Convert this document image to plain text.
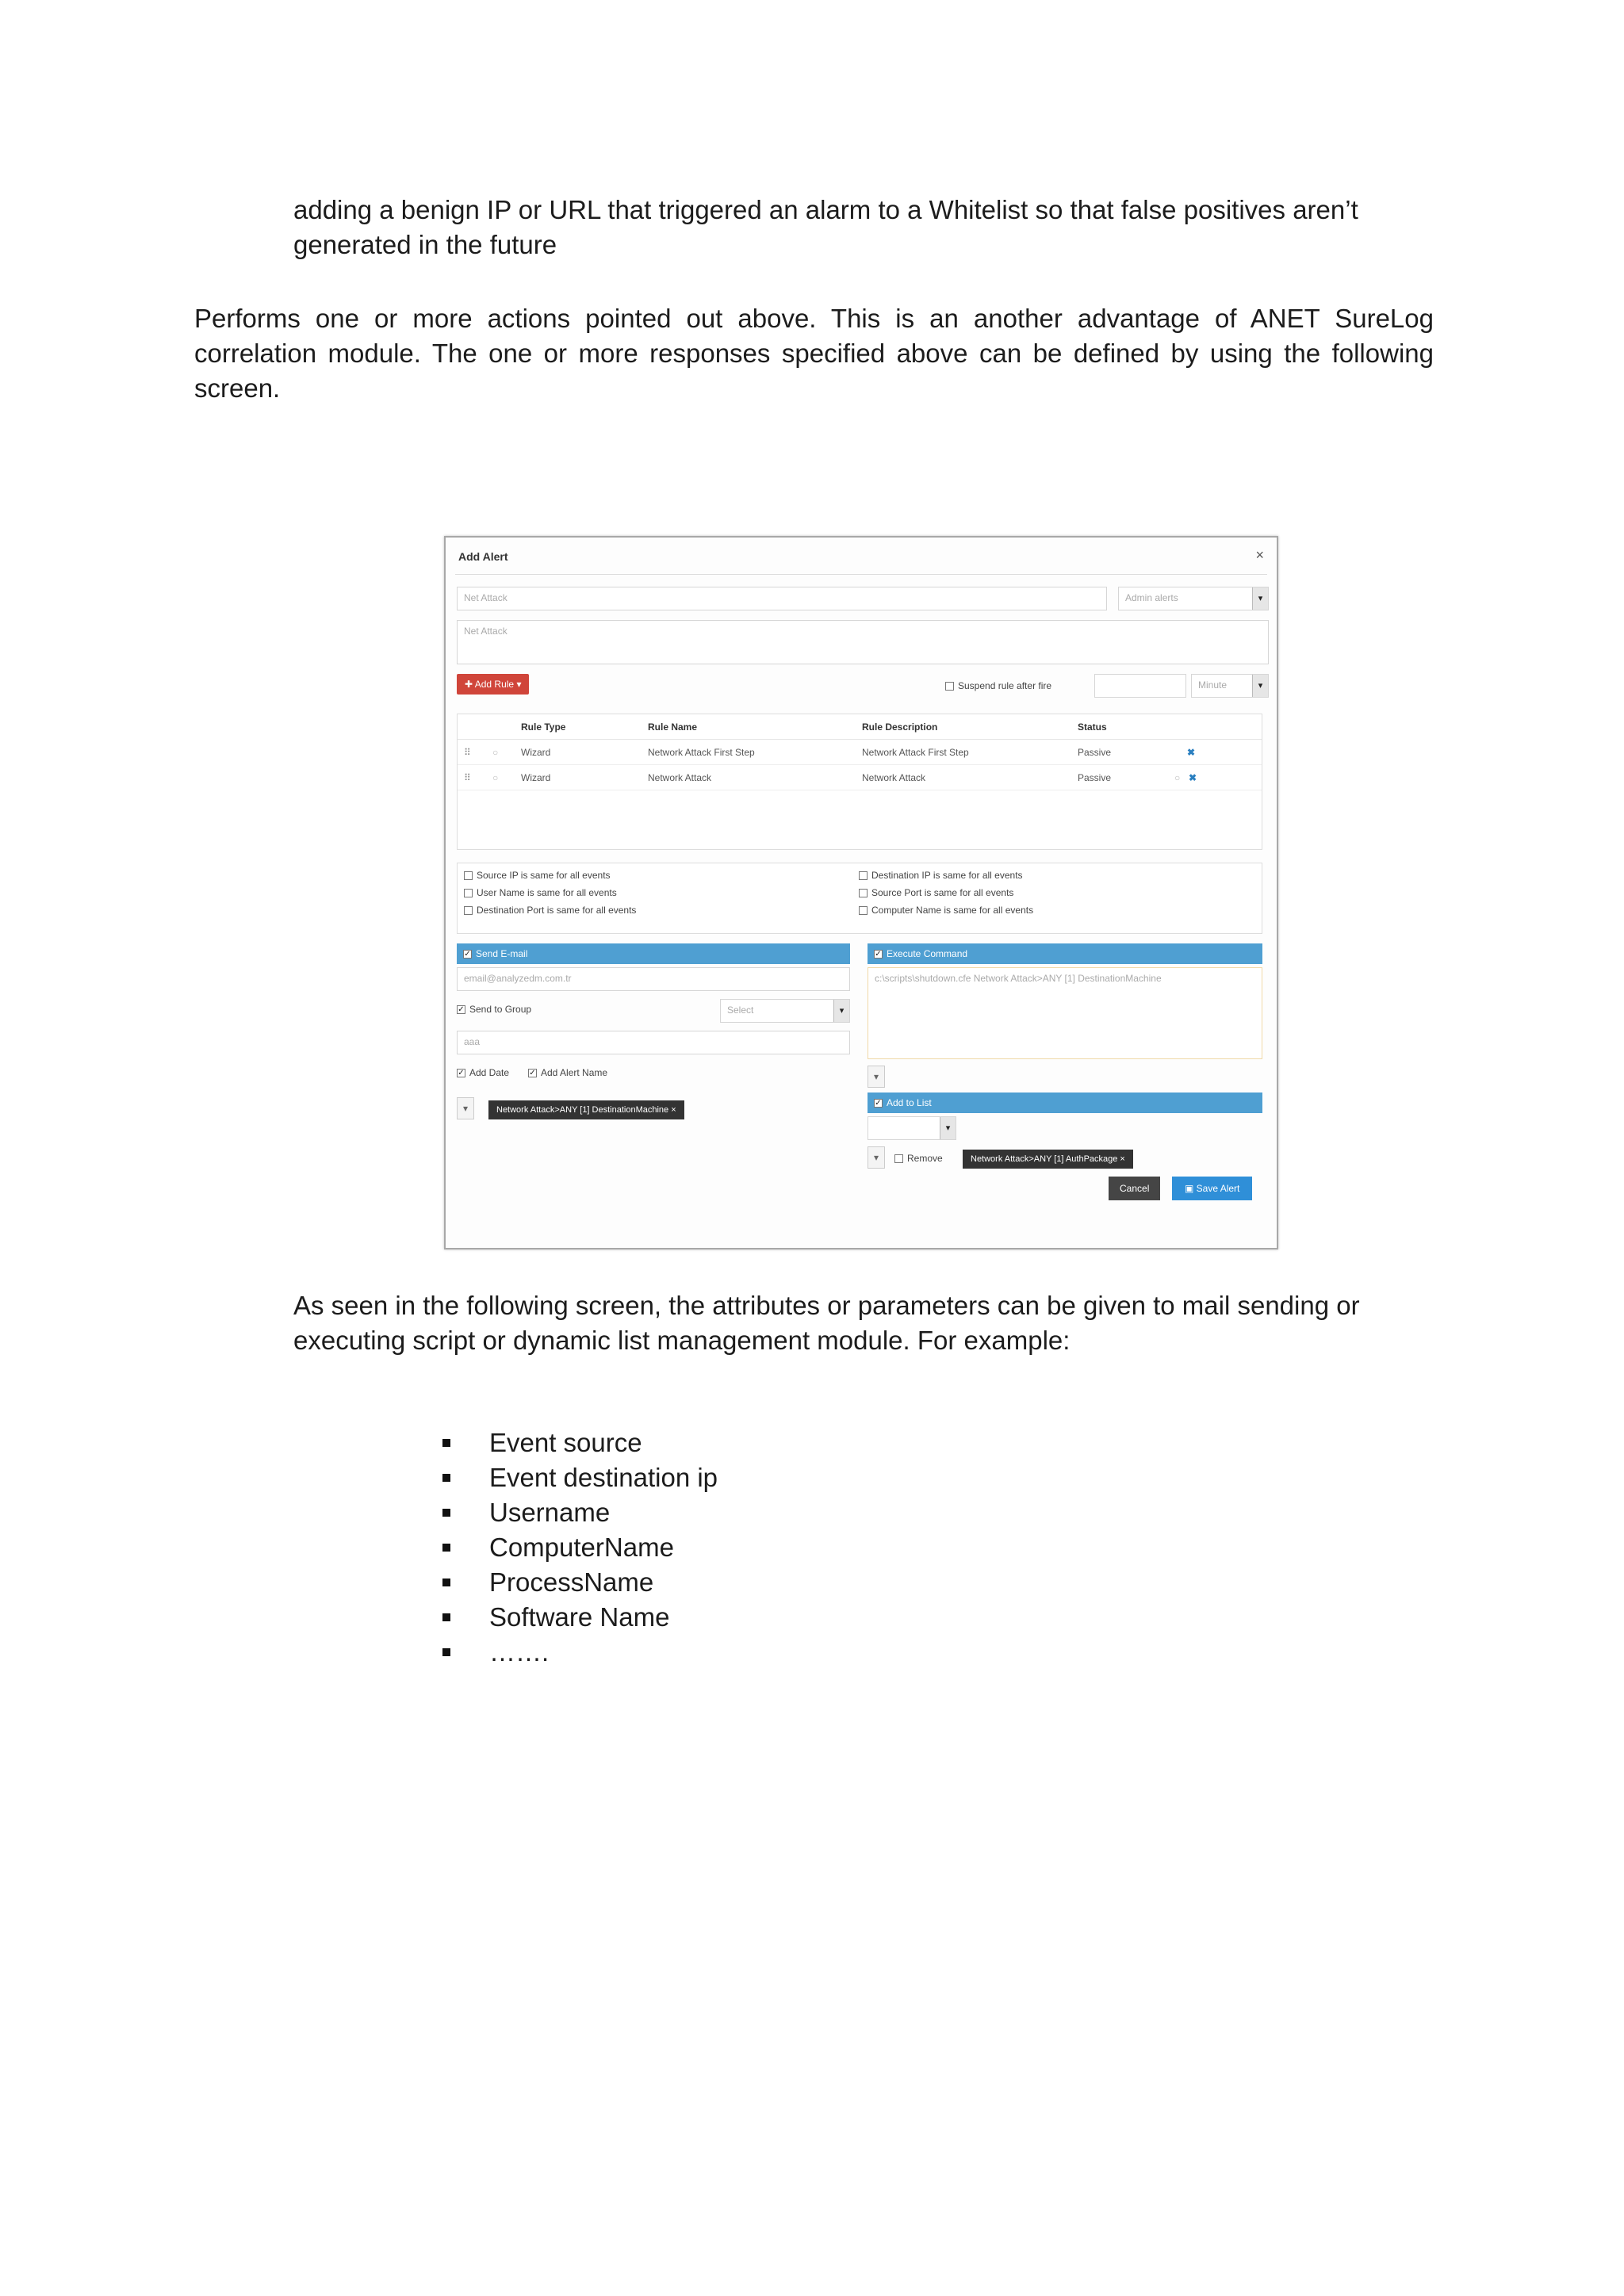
adding a benign IP or URL that triggered an alarm to a Whitelist so that false positives aren’t generated in the future
Performs one or more actions pointed out above. This is an another advantage of ANET SureLog correlation module. The one or more responses specified above can be defined by using the following screen.
Add Alert	×
Net Attack	Admin alerts	▾
Net Attack
✚ Add Rule ▾	Suspend rule after fire	Minute	▾
Rule Type	Rule Name	Rule Description	Status
⠿ ○ Wizard	Network Attack First Step	Network Attack First Step	Passive	✖
⠿ ○ Wizard	Network Attack	Network Attack	Passive	○ ✖
Source IP is same for all events
User Name is same for all events
Destination Port is same for all events
Destination IP is same for all events
Source Port is same for all events
Computer Name is same for all events
✓Send E-mail
email@analyzedm.com.tr
✓Send to Group	Select	▾
aaa
✓Add Date
✓	Add Alert Name
▾	Network Attack>ANY [1] DestinationMachine ×
✓Execute Command
c:\scripts\shutdown.cfe Network Attack>ANY [1] DestinationMachine
▾
✓Add to List
▾
▾	Remove	Network Attack>ANY [1] AuthPackage ×
Cancel	▣ Save Alert
As seen in the following screen, the attributes or parameters can be given to mail sending or executing script or dynamic list management module. For example:
Event source
Event destination ip
Username
ComputerName
ProcessName
Software Name
…….
